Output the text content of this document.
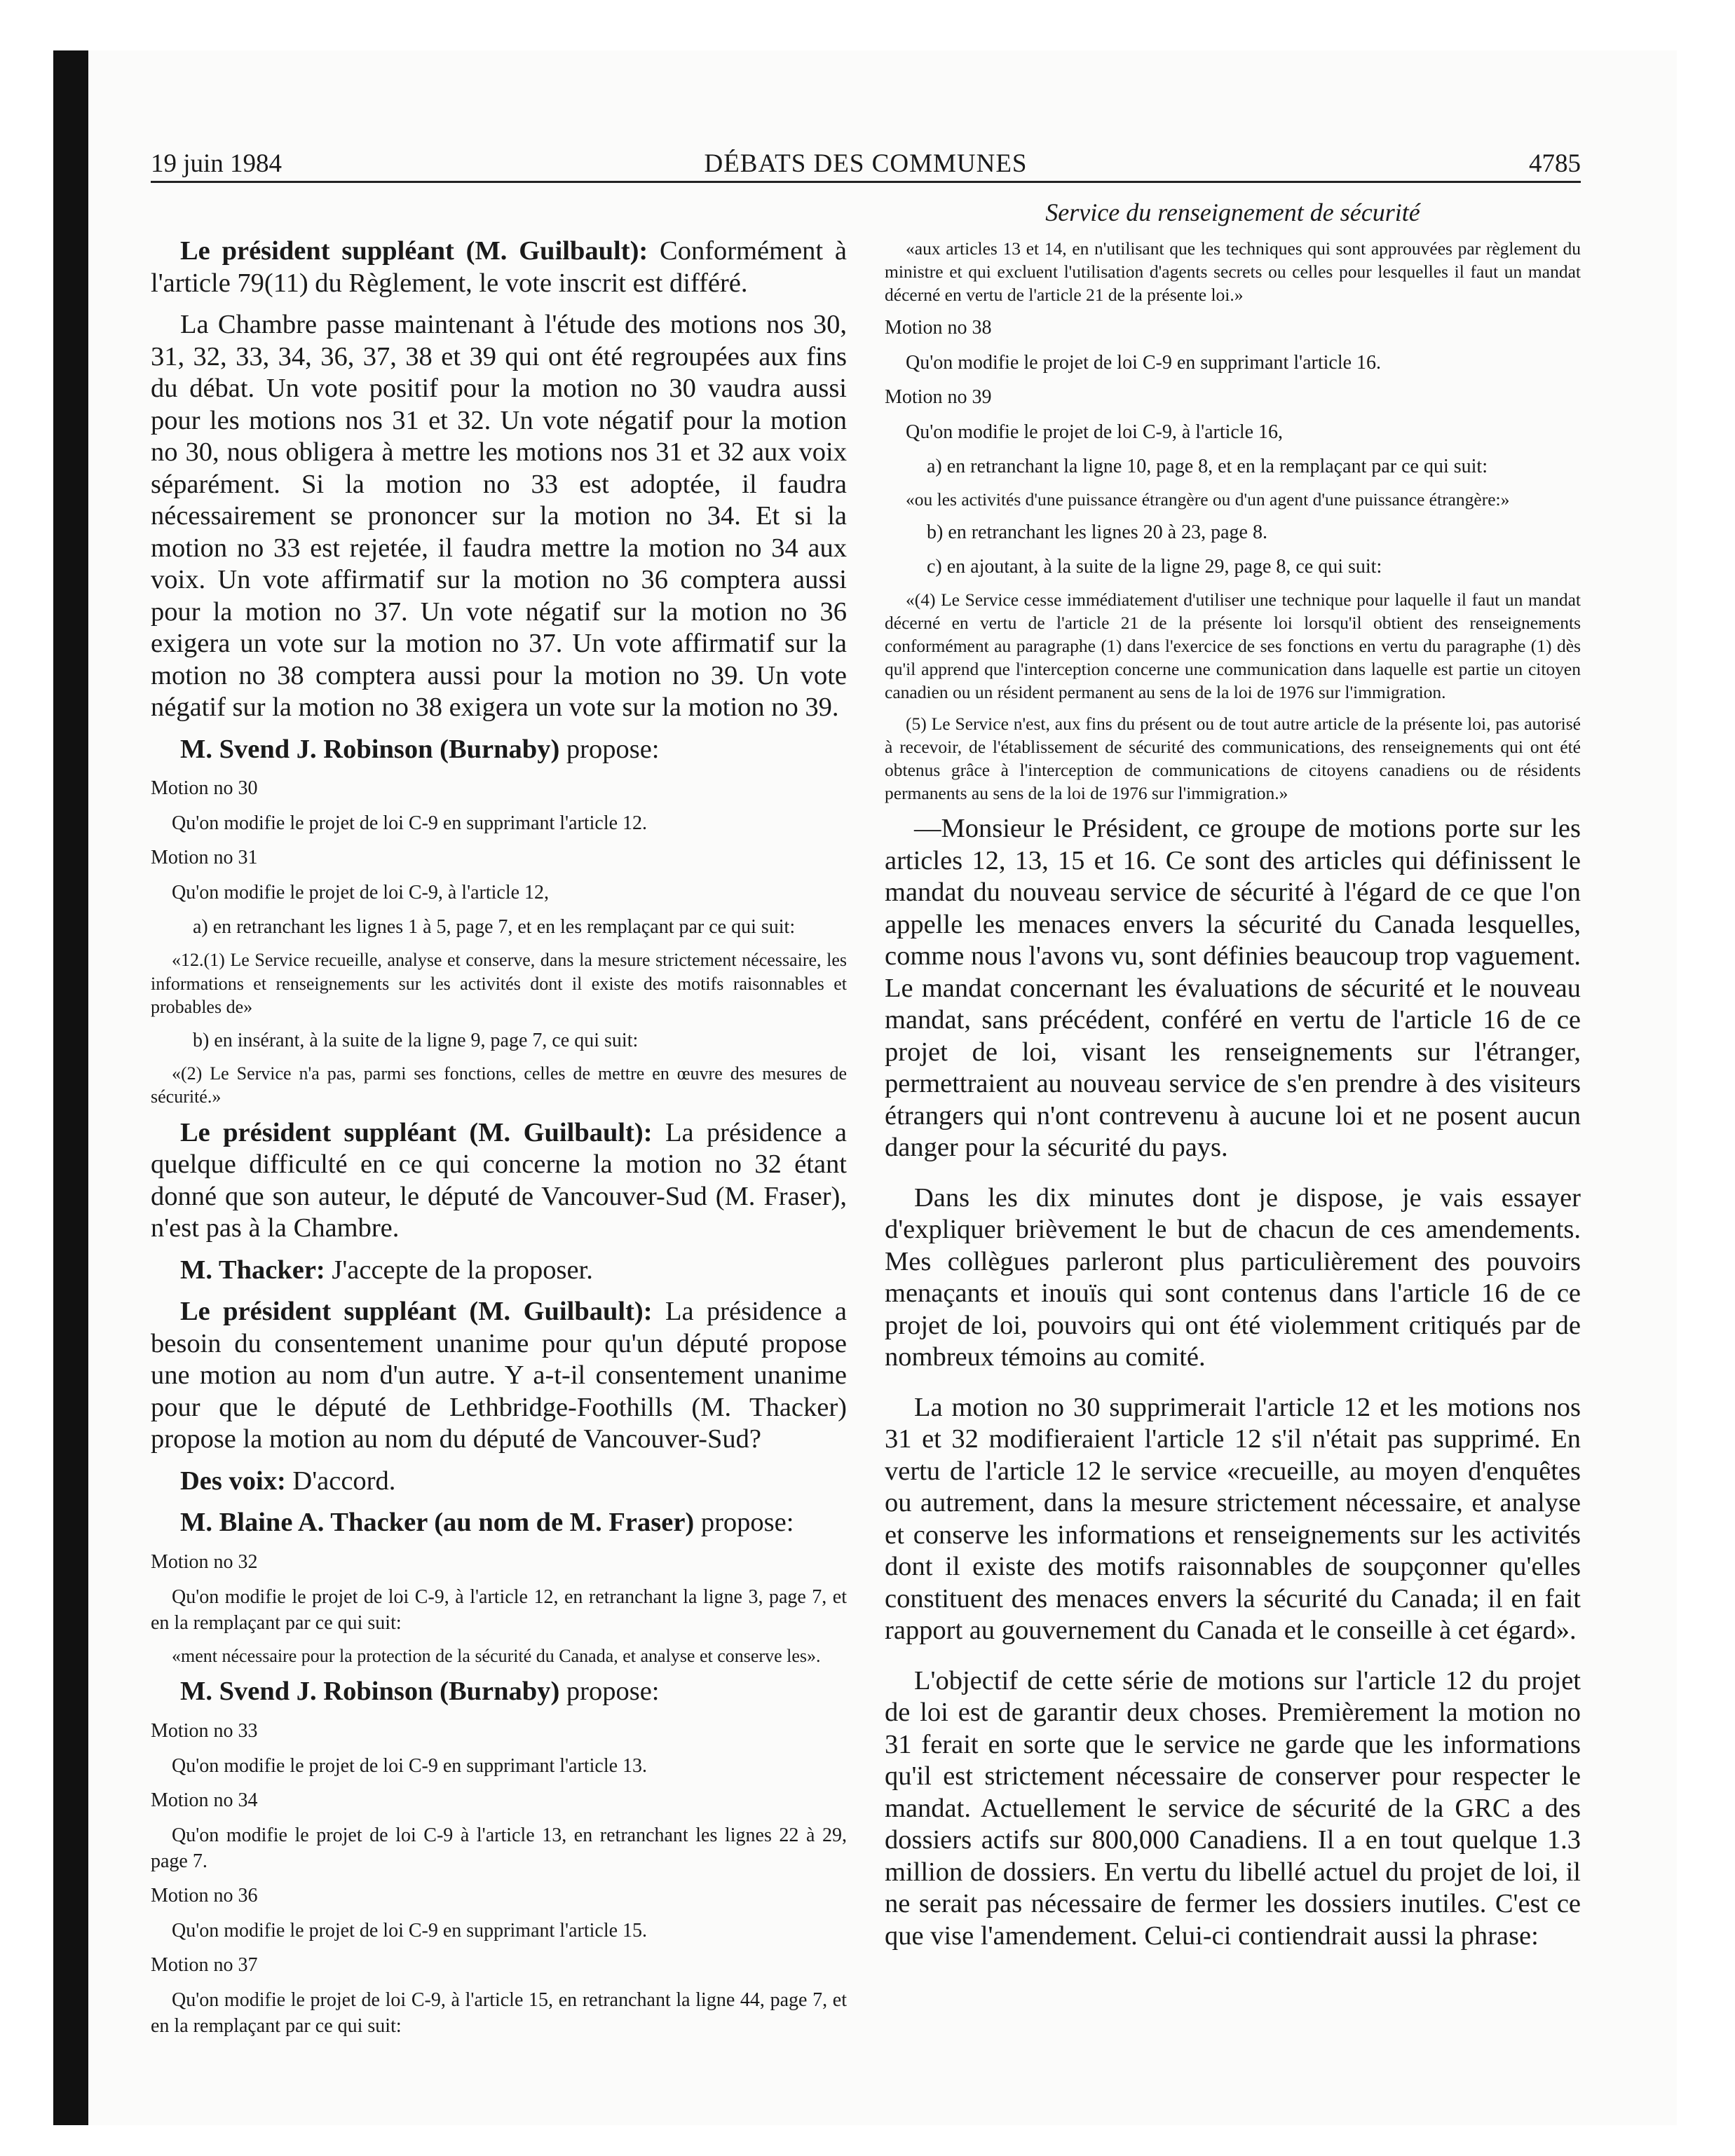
19 juin 1984	DÉBATS DES COMMUNES	4785
Service du renseignement de sécurité

Le président suppléant (M. Guilbault): Conformément à l'article 79(11) du Règlement, le vote inscrit est différé.

La Chambre passe maintenant à l'étude des motions nos 30, 31, 32, 33, 34, 36, 37, 38 et 39 qui ont été regroupées aux fins du débat. Un vote positif pour la motion no 30 vaudra aussi pour les motions nos 31 et 32. Un vote négatif pour la motion no 30, nous obligera à mettre les motions nos 31 et 32 aux voix séparément. Si la motion no 33 est adoptée, il faudra nécessairement se prononcer sur la motion no 34. Et si la motion no 33 est rejetée, il faudra mettre la motion no 34 aux voix. Un vote affirmatif sur la motion no 36 comptera aussi pour la motion no 37. Un vote négatif sur la motion no 36 exigera un vote sur la motion no 37. Un vote affirmatif sur la motion no 38 comptera aussi pour la motion no 39. Un vote négatif sur la motion no 38 exigera un vote sur la motion no 39.

M. Svend J. Robinson (Burnaby) propose:

Motion no 30

Qu'on modifie le projet de loi C-9 en supprimant l'article 12.

Motion no 31

Qu'on modifie le projet de loi C-9, à l'article 12,

a) en retranchant les lignes 1 à 5, page 7, et en les remplaçant par ce qui suit:

«12.(1) Le Service recueille, analyse et conserve, dans la mesure strictement nécessaire, les informations et renseignements sur les activités dont il existe des motifs raisonnables et probables de»

b) en insérant, à la suite de la ligne 9, page 7, ce qui suit:

«(2) Le Service n'a pas, parmi ses fonctions, celles de mettre en œuvre des mesures de sécurité.»

Le président suppléant (M. Guilbault): La présidence a quelque difficulté en ce qui concerne la motion no 32 étant donné que son auteur, le député de Vancouver-Sud (M. Fraser), n'est pas à la Chambre.

M. Thacker: J'accepte de la proposer.

Le président suppléant (M. Guilbault): La présidence a besoin du consentement unanime pour qu'un député propose une motion au nom d'un autre. Y a-t-il consentement unanime pour que le député de Lethbridge-Foothills (M. Thacker) propose la motion au nom du député de Vancouver-Sud?

Des voix: D'accord.

M. Blaine A. Thacker (au nom de M. Fraser) propose:

Motion no 32

Qu'on modifie le projet de loi C-9, à l'article 12, en retranchant la ligne 3, page 7, et en la remplaçant par ce qui suit:

«ment nécessaire pour la protection de la sécurité du Canada, et analyse et conserve les».

M. Svend J. Robinson (Burnaby) propose:

Motion no 33

Qu'on modifie le projet de loi C-9 en supprimant l'article 13.

Motion no 34

Qu'on modifie le projet de loi C-9 à l'article 13, en retranchant les lignes 22 à 29, page 7.

Motion no 36

Qu'on modifie le projet de loi C-9 en supprimant l'article 15.

Motion no 37

Qu'on modifie le projet de loi C-9, à l'article 15, en retranchant la ligne 44, page 7, et en la remplaçant par ce qui suit:

«aux articles 13 et 14, en n'utilisant que les techniques qui sont approuvées par règlement du ministre et qui excluent l'utilisation d'agents secrets ou celles pour lesquelles il faut un mandat décerné en vertu de l'article 21 de la présente loi.»

Motion no 38

Qu'on modifie le projet de loi C-9 en supprimant l'article 16.

Motion no 39

Qu'on modifie le projet de loi C-9, à l'article 16,

a) en retranchant la ligne 10, page 8, et en la remplaçant par ce qui suit:

«ou les activités d'une puissance étrangère ou d'un agent d'une puissance étrangère:»

b) en retranchant les lignes 20 à 23, page 8.

c) en ajoutant, à la suite de la ligne 29, page 8, ce qui suit:

«(4) Le Service cesse immédiatement d'utiliser une technique pour laquelle il faut un mandat décerné en vertu de l'article 21 de la présente loi lorsqu'il obtient des renseignements conformément au paragraphe (1) dans l'exercice de ses fonctions en vertu du paragraphe (1) dès qu'il apprend que l'interception concerne une communication dans laquelle est partie un citoyen canadien ou un résident permanent au sens de la loi de 1976 sur l'immigration.

(5) Le Service n'est, aux fins du présent ou de tout autre article de la présente loi, pas autorisé à recevoir, de l'établissement de sécurité des communications, des renseignements qui ont été obtenus grâce à l'interception de communications de citoyens canadiens ou de résidents permanents au sens de la loi de 1976 sur l'immigration.»

—Monsieur le Président, ce groupe de motions porte sur les articles 12, 13, 15 et 16. Ce sont des articles qui définissent le mandat du nouveau service de sécurité à l'égard de ce que l'on appelle les menaces envers la sécurité du Canada lesquelles, comme nous l'avons vu, sont définies beaucoup trop vaguement. Le mandat concernant les évaluations de sécurité et le nouveau mandat, sans précédent, conféré en vertu de l'article 16 de ce projet de loi, visant les renseignements sur l'étranger, permettraient au nouveau service de s'en prendre à des visiteurs étrangers qui n'ont contrevenu à aucune loi et ne posent aucun danger pour la sécurité du pays.

Dans les dix minutes dont je dispose, je vais essayer d'expliquer brièvement le but de chacun de ces amendements. Mes collègues parleront plus particulièrement des pouvoirs menaçants et inouïs qui sont contenus dans l'article 16 de ce projet de loi, pouvoirs qui ont été violemment critiqués par de nombreux témoins au comité.

La motion no 30 supprimerait l'article 12 et les motions nos 31 et 32 modifieraient l'article 12 s'il n'était pas supprimé. En vertu de l'article 12 le service «recueille, au moyen d'enquêtes ou autrement, dans la mesure strictement nécessaire, et analyse et conserve les informations et renseignements sur les activités dont il existe des motifs raisonnables de soupçonner qu'elles constituent des menaces envers la sécurité du Canada; il en fait rapport au gouvernement du Canada et le conseille à cet égard».

L'objectif de cette série de motions sur l'article 12 du projet de loi est de garantir deux choses. Premièrement la motion no 31 ferait en sorte que le service ne garde que les informations qu'il est strictement nécessaire de conserver pour respecter le mandat. Actuellement le service de sécurité de la GRC a des dossiers actifs sur 800,000 Canadiens. Il a en tout quelque 1.3 million de dossiers. En vertu du libellé actuel du projet de loi, il ne serait pas nécessaire de fermer les dossiers inutiles. C'est ce que vise l'amendement. Celui-ci contiendrait aussi la phrase:
